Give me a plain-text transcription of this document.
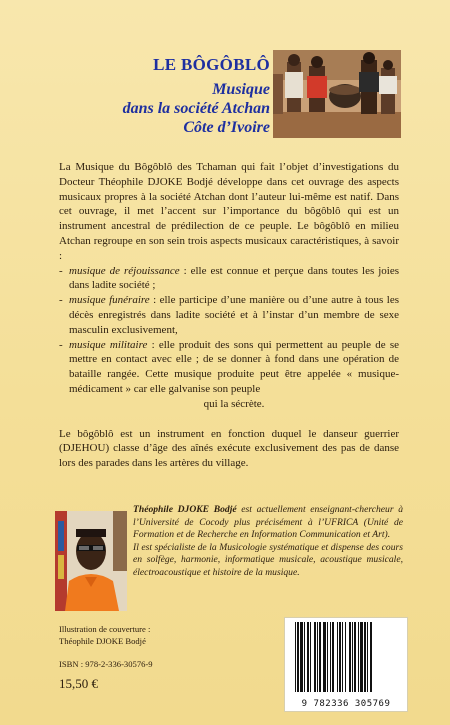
LE BÔGÔBLÔ
Musique
dans la société Atchan
Côte d’Ivoire

La Musique du Bôgôblô des Tchaman qui fait l’objet d’investigations du Docteur Théophile DJOKE Bodjé développe dans cet ouvrage des aspects musicaux propres à la société Atchan dont l’auteur lui-même est natif. Dans cet ouvrage, il met l’accent sur l’importance du bôgôblô qui est un instrument ancestral de prédilection de ce peuple. Le bôgôblô en milieu Atchan regroupe en son sein trois aspects musicaux caractéristiques, à savoir :

- musique de réjouissance : elle est connue et perçue dans toutes les joies dans ladite société ;
- musique funéraire : elle participe d’une manière ou d’une autre à tous les décès enregistrés dans ladite société et à l’instar d’un membre de sexe masculin exclusivement,
- musique militaire : elle produit des sons qui permettent au peuple de se mettre en contact avec elle ; de se donner à fond dans une opération de bataille rangée. Cette musique produite peut être appelée « musique-médicament » car elle galvanise son peuple
qui la sécrète.

Le bôgôblô est un instrument en fonction duquel le danseur guerrier (DJEHOU) classe d’âge des aînés exécute exclusivement des pas de danse lors des parades dans les artères du village.

Théophile DJOKE Bodjé est actuellement enseignant-chercheur à l’Université de Cocody plus précisément à l’UFRICA (Unité de Formation et de Recherche en Information Communication et Art).

Il est spécialiste de la Musicologie systématique et dispense des cours en solfège, harmonie, informatique musicale, acoustique musicale, électroacoustique et histoire de la musique.

Illustration de couverture :
Théophile DJOKE Bodjé
ISBN : 978-2-336-30576-9
15,50 €
9 782336 305769
